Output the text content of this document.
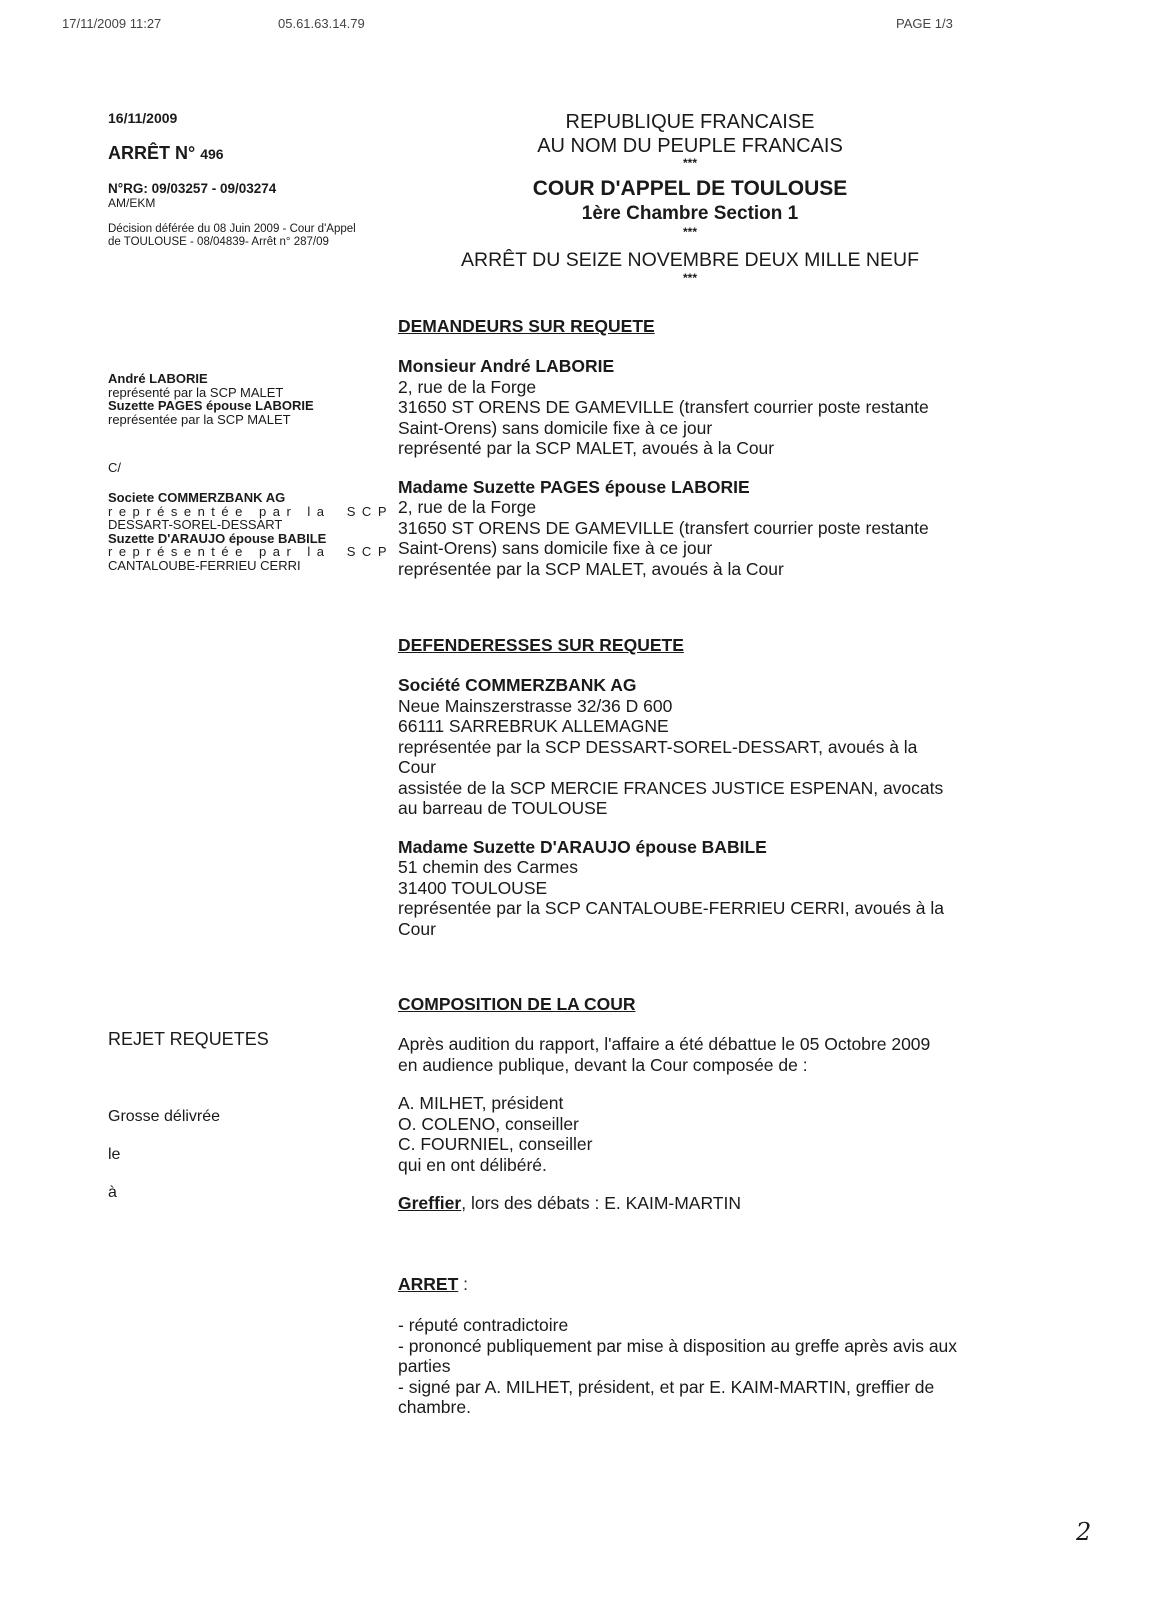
17/11/2009 11:27	05.61.63.14.79	PAGE 1/3
16/11/2009
ARRÊT N° 496
N°RG: 09/03257 - 09/03274
AM/EKM
Décision déférée du 08 Juin 2009 - Cour d'Appel
de TOULOUSE - 08/04839- Arrêt n° 287/09
REPUBLIQUE FRANCAISE
AU NOM DU PEUPLE FRANCAIS
***
COUR D'APPEL DE TOULOUSE
1ère Chambre Section 1
***
ARRÊT DU SEIZE NOVEMBRE DEUX MILLE NEUF
***
André LABORIE
représenté par la SCP MALET
Suzette PAGES épouse LABORIE
représentée par la SCP MALET
C/
Societe COMMERZBANK AG
représentée par la SCP
DESSART-SOREL-DESSART
Suzette D'ARAUJO épouse BABILE
représentée par la SCP
CANTALOUBE-FERRIEU CERRI
DEMANDEURS SUR REQUETE
Monsieur André LABORIE
2, rue de la Forge
31650 ST ORENS DE GAMEVILLE (transfert courrier poste restante
Saint-Orens) sans domicile fixe à ce jour
représenté par la SCP MALET, avoués à la Cour
Madame Suzette PAGES épouse LABORIE
2, rue de la Forge
31650 ST ORENS DE GAMEVILLE (transfert courrier poste restante
Saint-Orens) sans domicile fixe à ce jour
représentée par la SCP MALET, avoués à la Cour
DEFENDERESSES SUR REQUETE
Société COMMERZBANK AG
Neue Mainszerstrasse 32/36 D 600
66111 SARREBRUK ALLEMAGNE
représentée par la SCP DESSART-SOREL-DESSART, avoués à la
Cour
assistée de la SCP MERCIE FRANCES JUSTICE ESPENAN, avocats
au barreau de TOULOUSE
Madame Suzette D'ARAUJO épouse BABILE
51 chemin des Carmes
31400 TOULOUSE
représentée par la SCP CANTALOUBE-FERRIEU CERRI, avoués à la
Cour
REJET REQUETES
Grosse délivrée
le
à
COMPOSITION DE LA COUR
Après audition du rapport, l'affaire a été débattue le 05 Octobre 2009
en audience publique, devant la Cour composée de :
A. MILHET, président
O. COLENO, conseiller
C. FOURNIEL, conseiller
qui en ont délibéré.
Greffier, lors des débats : E. KAIM-MARTIN
ARRET :
- réputé contradictoire
- prononcé publiquement par mise à disposition au greffe après avis aux
parties
- signé par A. MILHET, président, et par E. KAIM-MARTIN, greffier de
chambre.
2
